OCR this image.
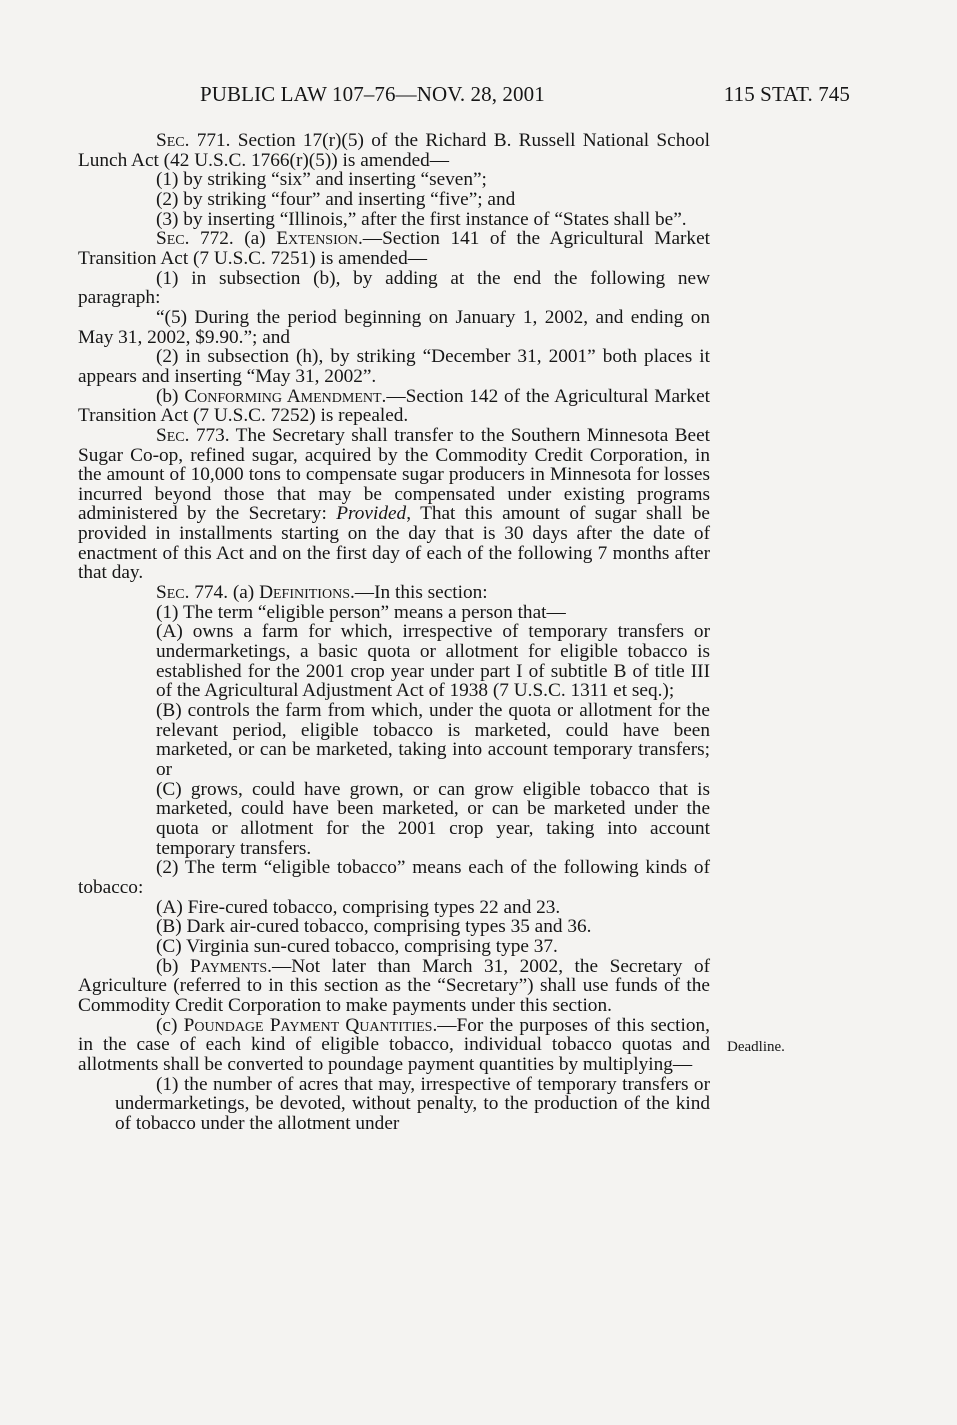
PUBLIC LAW 107–76—NOV. 28, 2001	115 STAT. 745

Sec. 771. Section 17(r)(5) of the Richard B. Russell National School Lunch Act (42 U.S.C. 1766(r)(5)) is amended—

(1) by striking “six” and inserting “seven”;

(2) by striking “four” and inserting “five”; and

(3) by inserting “Illinois,” after the first instance of “States shall be”.

Sec. 772. (a) Extension.—Section 141 of the Agricultural Market Transition Act (7 U.S.C. 7251) is amended—

(1) in subsection (b), by adding at the end the following new paragraph:

“(5) During the period beginning on January 1, 2002, and ending on May 31, 2002, $9.90.”; and

(2) in subsection (h), by striking “December 31, 2001” both places it appears and inserting “May 31, 2002”.

(b) Conforming Amendment.—Section 142 of the Agricultural Market Transition Act (7 U.S.C. 7252) is repealed.

Sec. 773. The Secretary shall transfer to the Southern Minnesota Beet Sugar Co-op, refined sugar, acquired by the Commodity Credit Corporation, in the amount of 10,000 tons to compensate sugar producers in Minnesota for losses incurred beyond those that may be compensated under existing programs administered by the Secretary: Provided, That this amount of sugar shall be provided in installments starting on the day that is 30 days after the date of enactment of this Act and on the first day of each of the following 7 months after that day.

Sec. 774. (a) Definitions.—In this section:

(1) The term “eligible person” means a person that—

(A) owns a farm for which, irrespective of temporary transfers or undermarketings, a basic quota or allotment for eligible tobacco is established for the 2001 crop year under part I of subtitle B of title III of the Agricultural Adjustment Act of 1938 (7 U.S.C. 1311 et seq.);

(B) controls the farm from which, under the quota or allotment for the relevant period, eligible tobacco is marketed, could have been marketed, or can be marketed, taking into account temporary transfers; or

(C) grows, could have grown, or can grow eligible tobacco that is marketed, could have been marketed, or can be marketed under the quota or allotment for the 2001 crop year, taking into account temporary transfers.

(2) The term “eligible tobacco” means each of the following kinds of tobacco:

(A) Fire-cured tobacco, comprising types 22 and 23.

(B) Dark air-cured tobacco, comprising types 35 and 36.

(C) Virginia sun-cured tobacco, comprising type 37.

(b) Payments.—Not later than March 31, 2002, the Secretary of Agriculture (referred to in this section as the “Secretary”) shall use funds of the Commodity Credit Corporation to make payments under this section.

(c) Poundage Payment Quantities.—For the purposes of this section, in the case of each kind of eligible tobacco, individual tobacco quotas and allotments shall be converted to poundage payment quantities by multiplying—

(1) the number of acres that may, irrespective of temporary transfers or undermarketings, be devoted, without penalty, to the production of the kind of tobacco under the allotment under

Deadline.
